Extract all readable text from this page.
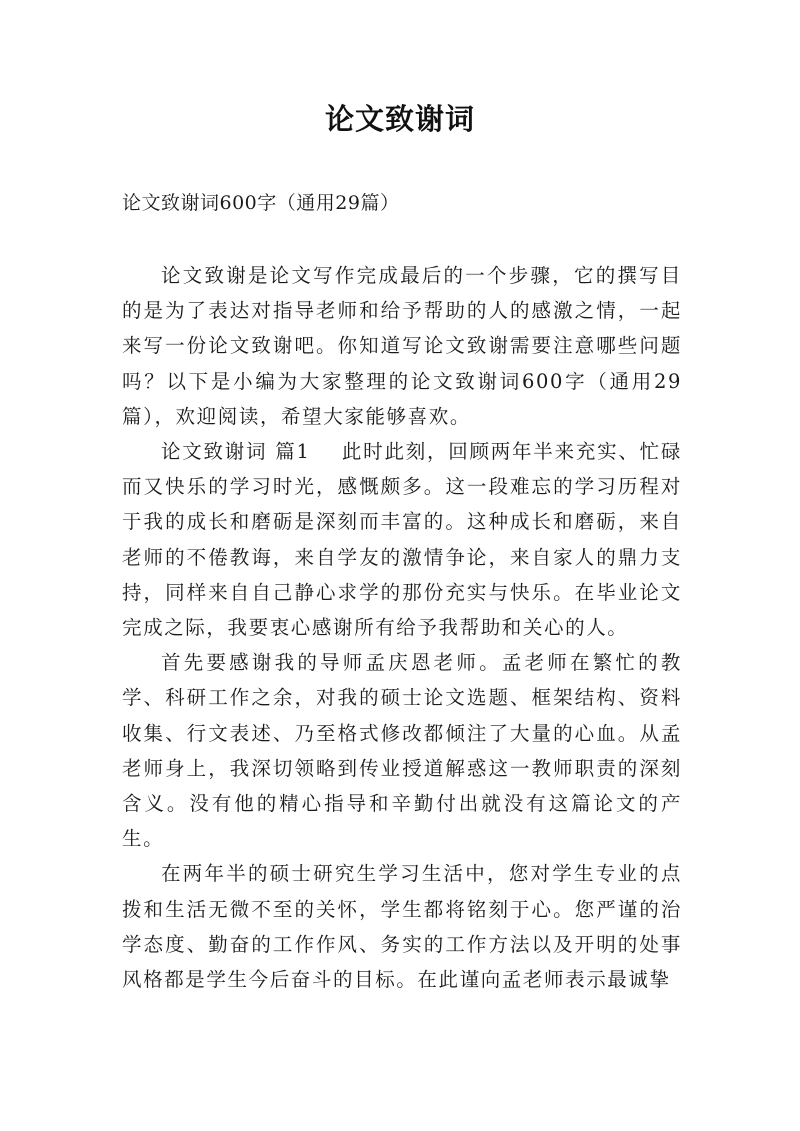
论文致谢词
论文致谢词600字（通用29篇）

论文致谢是论文写作完成最后的一个步骤，它的撰写目的是为了表达对指导老师和给予帮助的人的感激之情，一起来写一份论文致谢吧。你知道写论文致谢需要注意哪些问题吗？以下是小编为大家整理的论文致谢词600字（通用29篇），欢迎阅读，希望大家能够喜欢。

论文致谢词 篇1 此时此刻，回顾两年半来充实、忙碌而又快乐的学习时光，感慨颇多。这一段难忘的学习历程对于我的成长和磨砺是深刻而丰富的。这种成长和磨砺，来自老师的不倦教诲，来自学友的激情争论，来自家人的鼎力支持，同样来自自己静心求学的那份充实与快乐。在毕业论文完成之际，我要衷心感谢所有给予我帮助和关心的人。

首先要感谢我的导师孟庆恩老师。孟老师在繁忙的教学、科研工作之余，对我的硕士论文选题、框架结构、资料收集、行文表述、乃至格式修改都倾注了大量的心血。从孟老师身上，我深切领略到传业授道解惑这一教师职责的深刻含义。没有他的精心指导和辛勤付出就没有这篇论文的产生。

在两年半的硕士研究生学习生活中，您对学生专业的点拨和生活无微不至的关怀，学生都将铭刻于心。您严谨的治学态度、勤奋的工作作风、务实的工作方法以及开明的处事风格都是学生今后奋斗的目标。在此谨向孟老师表示最诚挚
